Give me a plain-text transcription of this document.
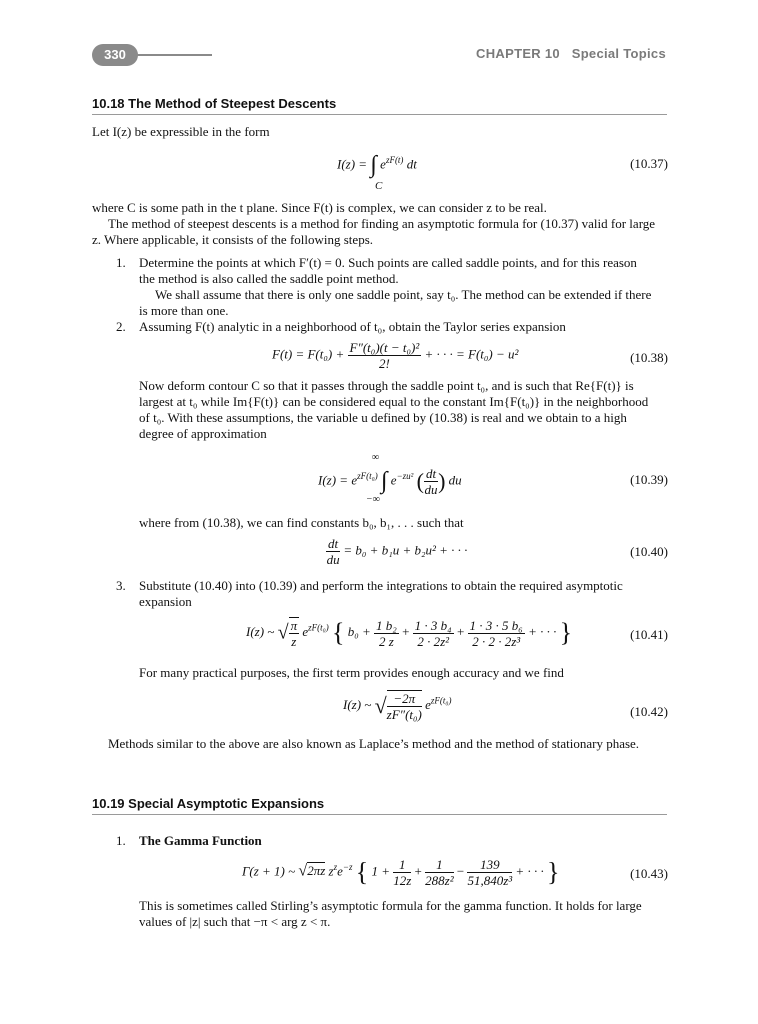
330	CHAPTER 10 Special Topics
10.18 The Method of Steepest Descents
Let I(z) be expressible in the form
I(z) = ∫ $e^{zF(t)}$ dt
C
(10.37)
where C is some path in the t plane. Since F(t) is complex, we can consider z to be real.
The method of steepest descents is a method for finding an asymptotic formula for (10.37) valid for large
z. Where applicable, it consists of the following steps.
1. Determine the points at which F′(t) = 0. Such points are called saddle points, and for this reason
the method is also called the saddle point method.
We shall assume that there is only one saddle point, say t₀. The method can be extended if there
is more than one.
2. Assuming F(t) analytic in a neighborhood of t₀, obtain the Taylor series expansion
$F(t) = F(t_0) + \frac{\text{F″(t₀)(t − t₀)²}}{2!}$ + · · · = F(t₀) − u²	(10.38)
Now deform contour C so that it passes through the saddle point t₀, and is such that Re{F(t)} is
largest at t₀ while Im{F(t)} can be considered equal to the constant Im{F(t₀)} in the neighborhood
of t₀. With these assumptions, the variable u defined by (10.38) is real and we obtain to a high
degree of approximation
∞
$I(z) = e^{zF(t_0)}$ ∫ $e^{-zu^2}$ ( $\frac{dt}{du}$ ) du
−∞
(10.39)
where from (10.38), we can find constants b₀, b₁, . . . such that
$\frac{dt}{du} = b_0 + b_1u + b_2u^2$ + · · ·	(10.40)
3. Substitute (10.40) into (10.39) and perform the integrations to obtain the required asymptotic
expansion
I(z) ~ √ $\frac{\pi}{z} e^{zF(t_0)}$ { $b_0 + \frac{\text{1 b₂}}{2 z} + \frac{\text{1 · 3 b₄}}{\text{2 · 2z²}} + \frac{\text{1 · 3 · 5 b₆}}{\text{2 · 2 · 2z³}}$ + · · · }	(10.41)
For many practical purposes, the first term provides enough accuracy and we find
I(z) ~ √ $\frac{-2\pi}{\text{zF″(t₀)}} e^{zF(t_0)}$
(10.42)
Methods similar to the above are also known as Laplace’s method and the method of stationary phase.
10.19 Special Asymptotic Expansions
1. The Gamma Function
Γ(z + 1) ~ √2πz $z^ze^{-z}$ { $1 + \frac{1}{12z} + \frac{1}{\text{288z²}} - \frac{139}{\text{51,840z³}}$ + · · · }	(10.43)
This is sometimes called Stirling’s asymptotic formula for the gamma function. It holds for large
values of |z| such that −π < arg z < π.
